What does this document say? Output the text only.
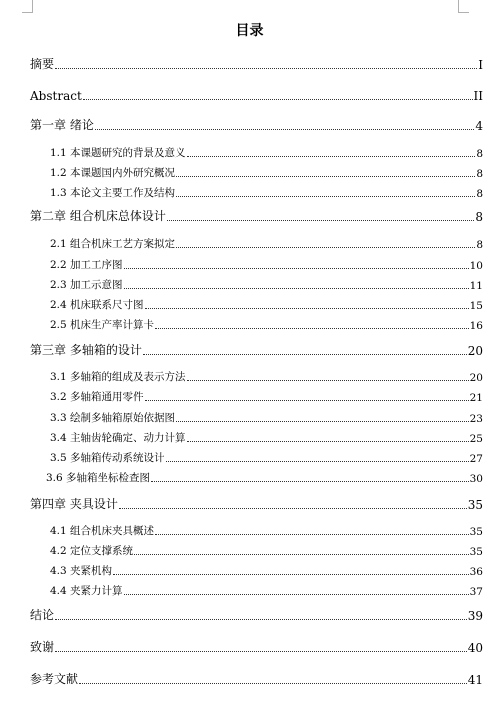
目录
摘要	I
Abstract	II
第一章 绪论	4
1.1 本课题研究的背景及意义	8
1.2 本课题国内外研究概况	8
1.3 本论文主要工作及结构	8
第二章 组合机床总体设计	8
2.1 组合机床工艺方案拟定	8
2.2 加工工序图	10
2.3 加工示意图	11
2.4 机床联系尺寸图	15
2.5 机床生产率计算卡	16
第三章 多轴箱的设计	20
3.1 多轴箱的组成及表示方法	20
3.2 多轴箱通用零件	21
3.3 绘制多轴箱原始依据图	23
3.4 主轴齿轮确定、动力计算	25
3.5 多轴箱传动系统设计	27
3.6 多轴箱坐标检查图	30
第四章 夹具设计	35
4.1 组合机床夹具概述	35
4.2 定位支撑系统	35
4.3 夹紧机构	36
4.4 夹紧力计算	37
结论	39
致谢	40
参考文献	41
